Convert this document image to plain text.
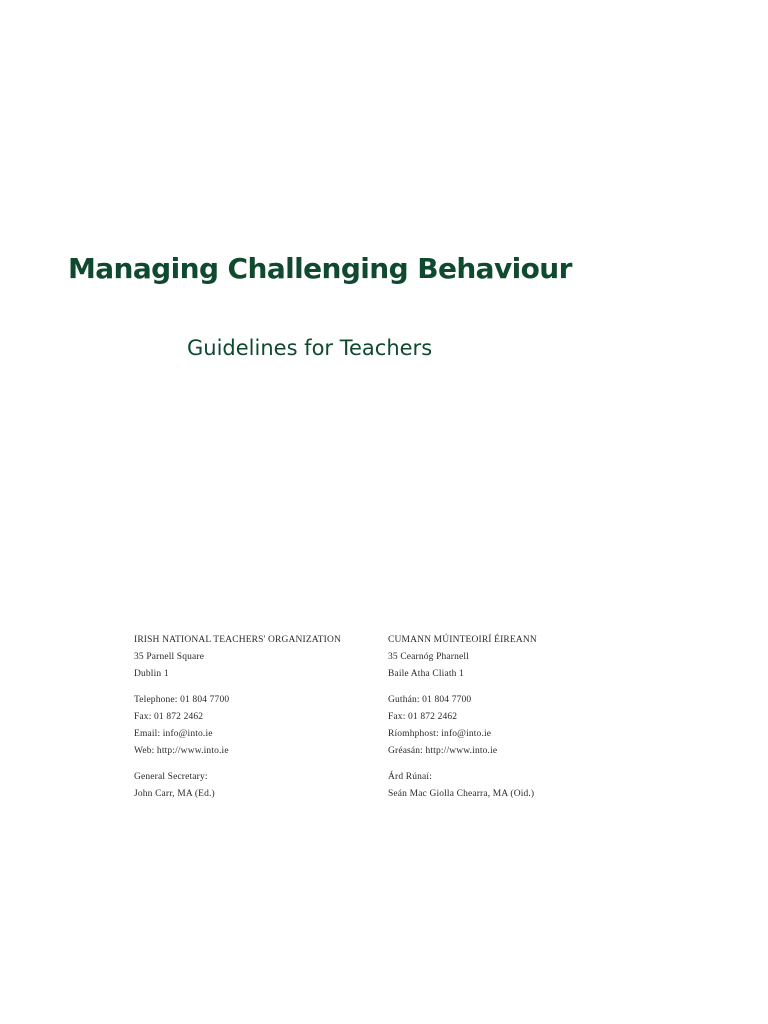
Managing Challenging Behaviour
Guidelines for Teachers
IRISH NATIONAL TEACHERS' ORGANIZATION
35 Parnell Square
Dublin 1
Telephone: 01 804 7700
Fax: 01 872 2462
Email: info@into.ie
Web: http://www.into.ie
General Secretary:
John Carr, MA (Ed.)
CUMANN MÚINTEOIRÍ ÉIREANN
35 Cearnóg Pharnell
Baile Atha Cliath 1
Guthán: 01 804 7700
Fax: 01 872 2462
Ríomhphost: info@into.ie
Gréasán: http://www.into.ie
Árd Rúnaí:
Seán Mac Giolla Chearra, MA (Oid.)
